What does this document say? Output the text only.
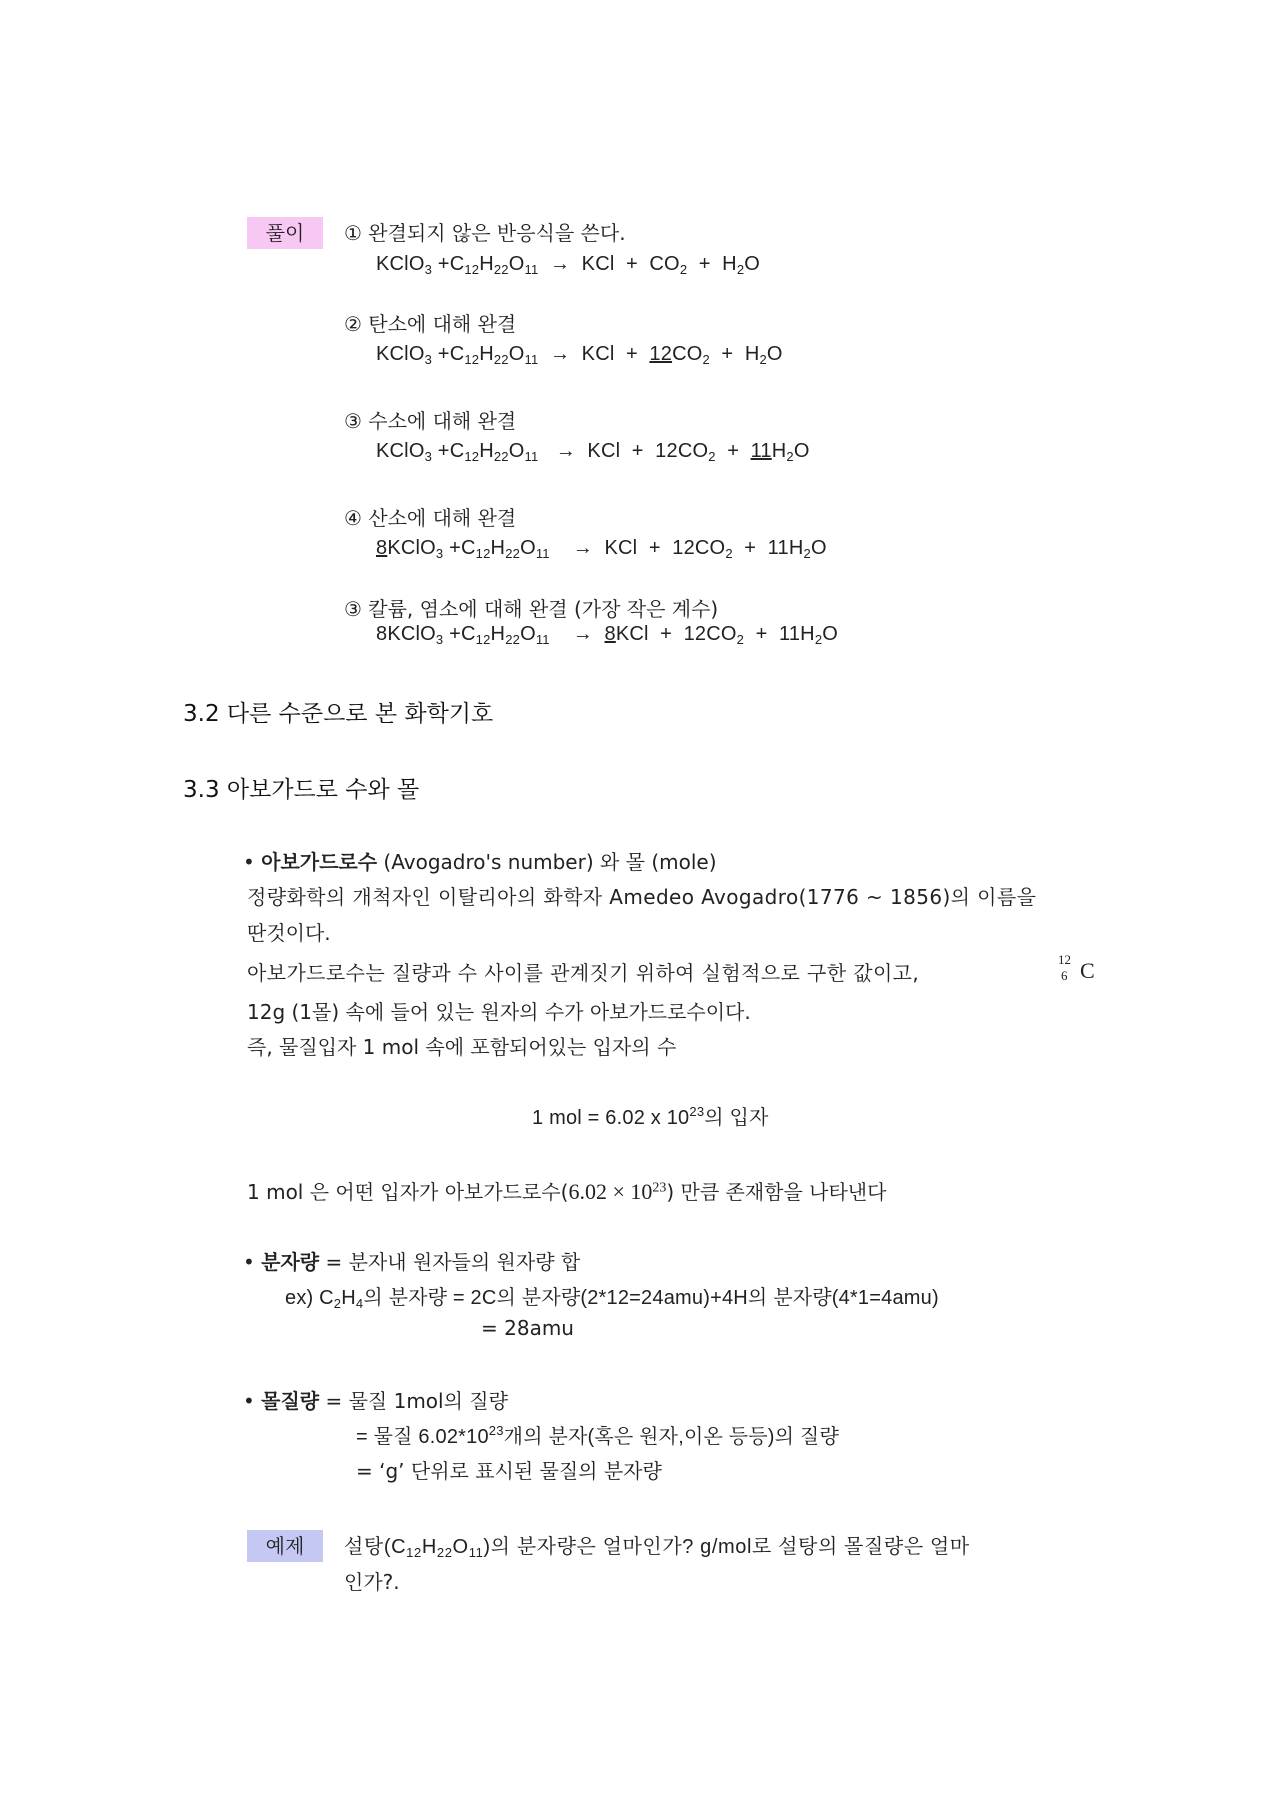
풀이	① 완결되지 않은 반응식을 쓴다.
KClO$_3$ $+C_{12}H_{22}O_{11}$ → KCl + $CO_2 + H_2O$
② 탄소에 대해 완결
KClO$_3$ $+C_{12}H_{22}O_{11}$ → KCl + $12CO_2 + H_2O$
③ 수소에 대해 완결
KClO$_3$ $+C_{12}H_{22}O_{11}$ → KCl + $12CO_2 + 11H_2O$
④ 산소에 대해 완결
8KClO$_3$ $+C_{12}H_{22}O_{11}$ → KCl + $12CO_2 + 11H_2O$
③ 칼륨, 염소에 대해 완결 (가장 작은 계수)
8KClO$_3$ $+C_{12}H_{22}O_{11} \to 8KCl + 12CO_2 + 11H_2O$
3.2 다른 수준으로 본 화학기호
3.3 아보가드로 수와 몰
• 아보가드로수 (Avogadro's number) 와 몰 (mole)
정량화학의 개척자인 이탈리아의 화학자 Amedeo Avogadro(1776 ~ 1856)의 이름을
딴것이다.
아보가드로수는 질량과 수 사이를 관계짓기 위하여 실험적으로 구한 값이고,
12
6 C
12g (1몰) 속에 들어 있는 원자의 수가 아보가드로수이다.
즉, 물질입자 1 mol 속에 포함되어있는 입자의 수
1 mol = 6.02 x $10^{23}$의 입자
1 mol 은 어떤 입자가 아보가드로수$(6.02 \times 10^{23})$ 만큼 존재함을 나타낸다
• 분자량 = 분자내 원자들의 원자량 합
ex) $C_2H_4$의 분자량 = 2C의 분자량(2*12=24amu)+4H의 분자량(4*1=4amu)
= 28amu
• 몰질량 = 물질 1mol의 질량
= 물질 $6.02*10^{23}$개의 분자(혹은 원자,이온 등등)의 질량
= ‘g’ 단위로 표시된 물질의 분자량
예제	설탕$(C_{12}H_{22}O_{11})$의 분자량은 얼마인가? g/mol로 설탕의 몰질량은 얼마
인가?.
